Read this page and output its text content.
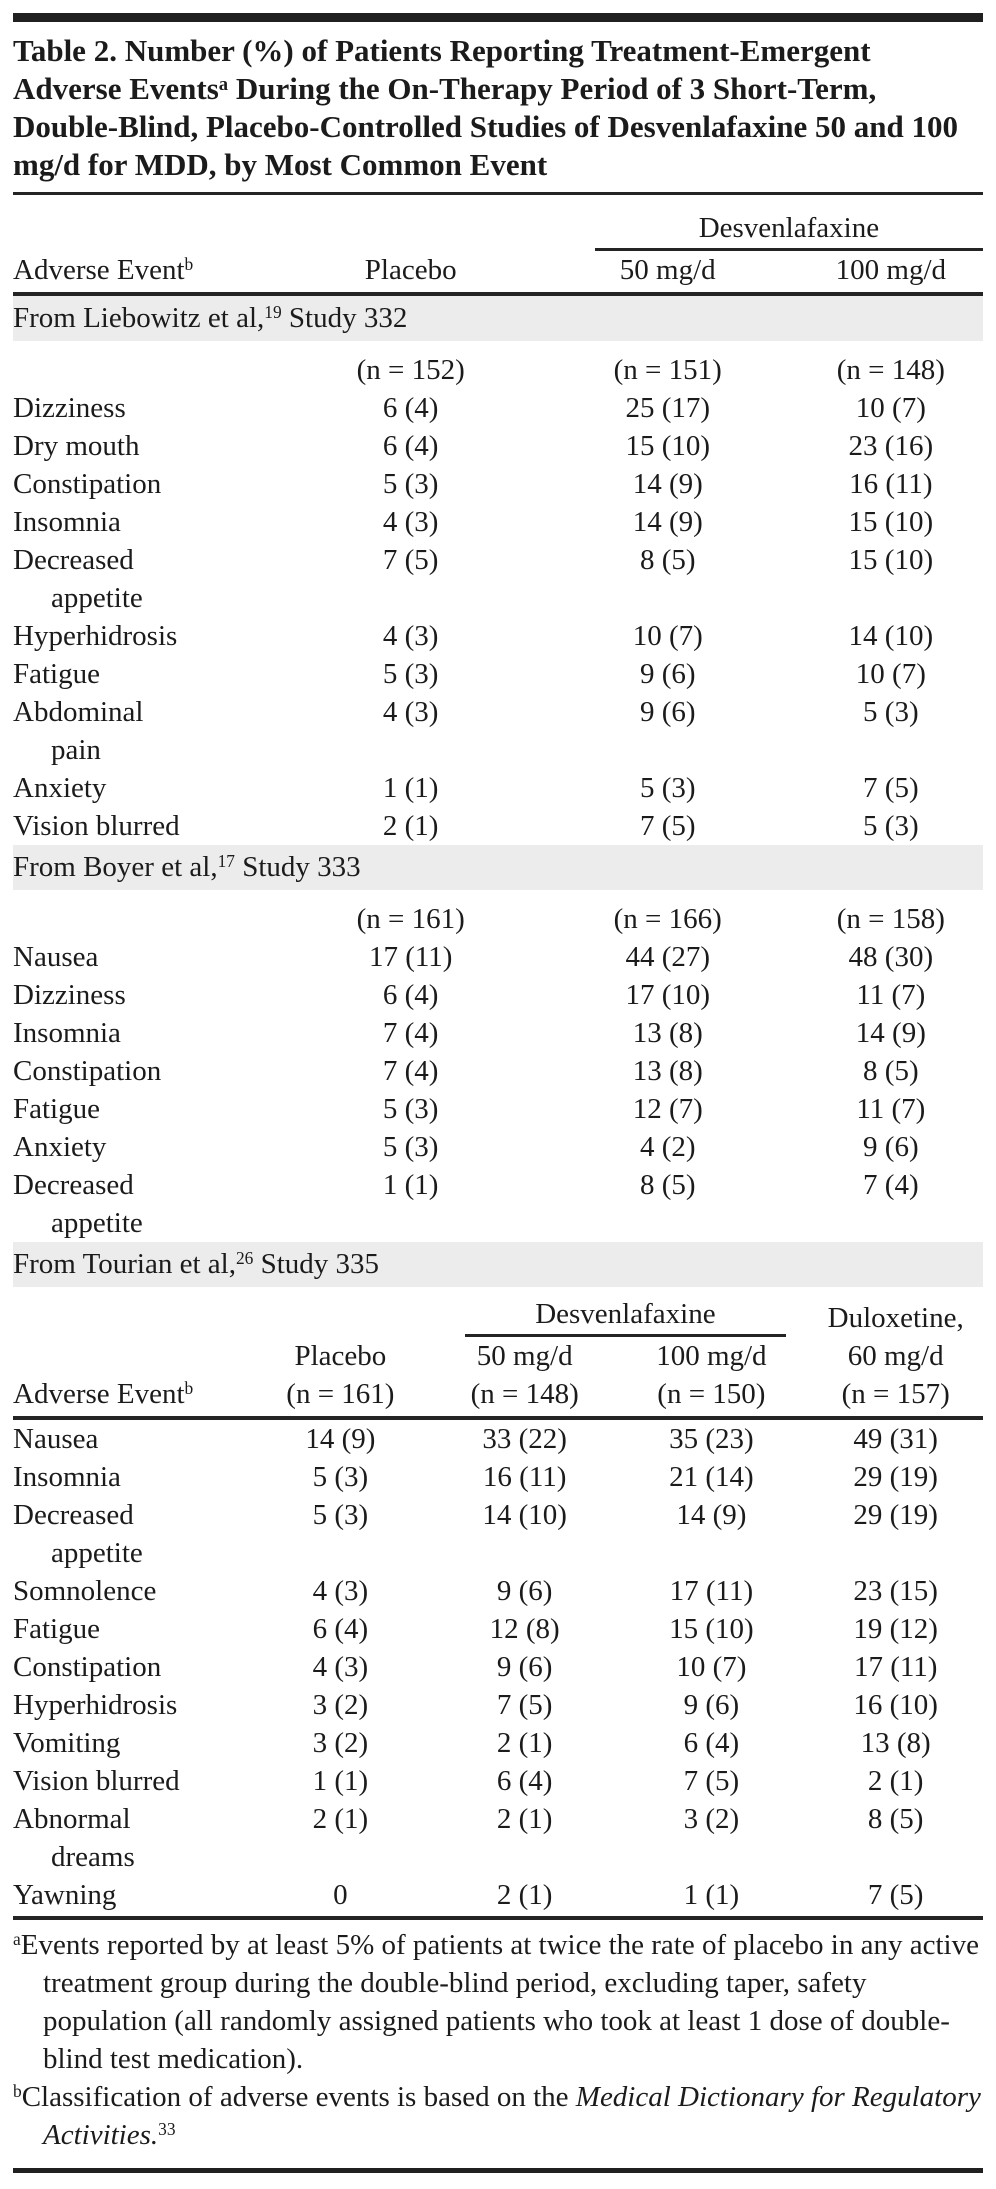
Table 2. Number (%) of Patients Reporting Treatment-Emergent Adverse Events$^a$ During the On-Therapy Period of 3 Short-Term, Double-Blind, Placebo-Controlled Studies of Desvenlafaxine 50 and 100 mg/d for MDD, by Most Common Event

		Desvenlafaxine	

Adverse Event$^b$	Placebo	50 mg/d	100 mg/d
From Liebowitz et al,$^{19}$ Study 332			
	(n = 152)	(n = 151)	(n = 148)
Dizziness	6 (4)	25 (17)	10 (7)
Dry mouth	6 (4)	15 (10)	23 (16)
Constipation	5 (3)	14 (9)	16 (11)
Insomnia	4 (3)	14 (9)	15 (10)

Decreased
appetite	7 (5)	8 (5)	15 (10)
Hyperhidrosis	4 (3)	10 (7)	14 (10)
Fatigue	5 (3)	9 (6)	10 (7)

Abdominal
pain	4 (3)	9 (6)	5 (3)
Anxiety	1 (1)	5 (3)	7 (5)
Vision blurred	2 (1)	7 (5)	5 (3)
From Boyer et al,$^{17}$ Study 333			
	(n = 161)	(n = 166)	(n = 158)
Nausea	17 (11)	44 (27)	48 (30)
Dizziness	6 (4)	17 (10)	11 (7)
Insomnia	7 (4)	13 (8)	14 (9)
Constipation	7 (4)	13 (8)	8 (5)
Fatigue	5 (3)	12 (7)	11 (7)
Anxiety	5 (3)	4 (2)	9 (6)

Decreased
appetite	1 (1)	8 (5)	7 (4)
From Tourian et al,$^{26}$ Study 335				

		Desvenlafaxine		Duloxetine,
	Placebo	50 mg/d	100 mg/d	60 mg/d
Adverse Event$^b$	(n = 161)	(n = 148)	(n = 150)	(n = 157)
Nausea	14 (9)	33 (22)	35 (23)	49 (31)
Insomnia	5 (3)	16 (11)	21 (14)	29 (19)

Decreased
appetite	5 (3)	14 (10)	14 (9)	29 (19)
Somnolence	4 (3)	9 (6)	17 (11)	23 (15)
Fatigue	6 (4)	12 (8)	15 (10)	19 (12)
Constipation	4 (3)	9 (6)	10 (7)	17 (11)
Hyperhidrosis	3 (2)	7 (5)	9 (6)	16 (10)
Vomiting	3 (2)	2 (1)	6 (4)	13 (8)
Vision blurred	1 (1)	6 (4)	7 (5)	2 (1)

Abnormal
dreams	2 (1)	2 (1)	3 (2)	8 (5)
Yawning	0	2 (1)	1 (1)	7 (5)
$^a$Events reported by at least 5% of patients at twice the rate of placebo in any active treatment group during the double-blind period, excluding taper, safety population (all randomly assigned patients who took at least 1 dose of double-blind test medication).
$^b$Classification of adverse events is based on the Medical Dictionary for Regulatory Activities.$^{33}$
